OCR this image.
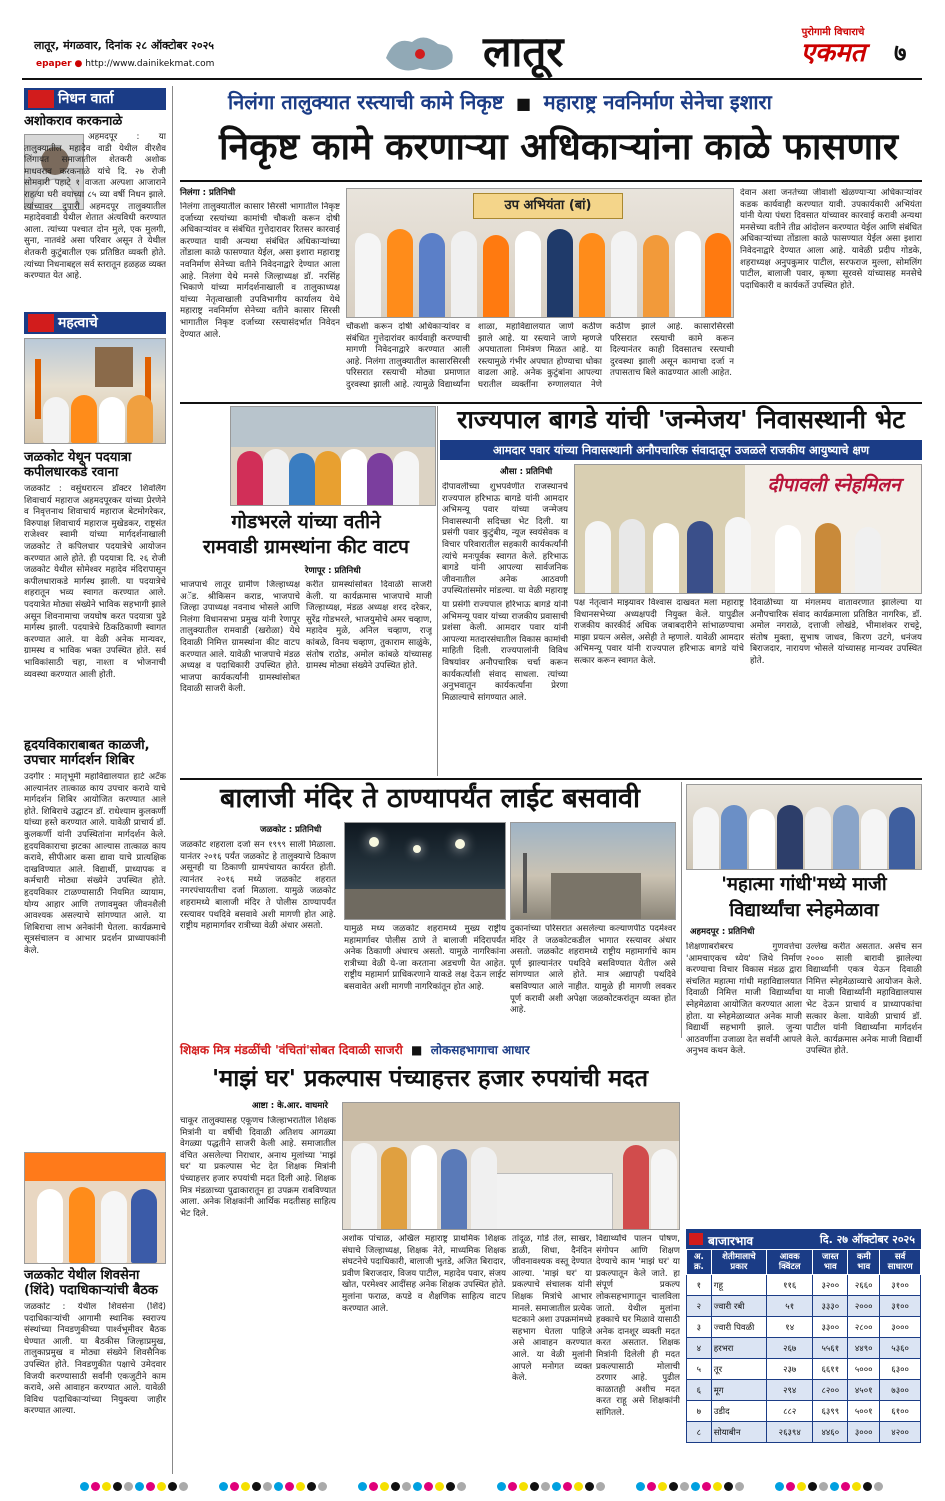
लातूर, मंगळवार, दिनांक २८ ऑक्टोबर २०२५
epaper ● http://www.dainikekmat.com	लातूर	पुरोगामी विचाराचे
एकमत	७
निधन वार्ता
अशोकराव करकनाळे
अहमदपूर : या तालुक्यातील महादेव वाडी येथील वीरशैव लिंगायत समाजातील शेतकरी अशोक माधवराव करकनाळे यांचे दि. २७ रोजी सोमवारी पहाटे १ वाजता अल्पशा आजाराने राहत्या घरी वयाच्या ८५ व्या वर्षी निधन झाले. त्यांच्यावर दुपारी अहमदपूर तालुक्यातील महादेववाडी येथील शेतात अंत्यविधी करण्यात आला. त्यांच्या पश्चात दोन मुले, एक मुलगी, सुना, नातवंडे असा परिवार असून ते येथील शेतकरी कुटुंबातील एक प्रतिष्ठित व्यक्ती होते. त्यांच्या निधनाबद्दल सर्व स्तरातून हळहळ व्यक्त करण्यात येत आहे.
महत्वाचे
जळकोट येथून पदयात्रा कपीलधारकडे रवाना
जळकोट : वसुंधरारत्न डॉक्टर शिवलिंग शिवाचार्य महाराज अहमदपूरकर यांच्या प्रेरणेने व निवृत्तनाथ शिवाचार्य महाराज बेटमोगरेकर, विरुपाक्ष शिवाचार्य महाराज मुखेडकर, राष्ट्रसंत राजेश्वर स्वामी यांच्या मार्गदर्शनाखाली जळकोट ते कपिलधार पदयात्रेचे आयोजन करण्यात आले होते. ही पदयात्रा दि. २६ रोजी जळकोट येथील सोमेश्वर महादेव मंदिरापासून कपीलधाराकडे मार्गस्थ झाली. या पदयात्रेचे शहरातून भव्य स्वागत करण्यात आले. पदयात्रेत मोठ्या संख्येने भाविक सहभागी झाले असून शिवनामाचा जयघोष करत पदयात्रा पुढे मार्गस्थ झाली. पदयात्रेचे ठिकठिकाणी स्वागत करण्यात आले. या वेळी अनेक मान्यवर, ग्रामस्थ व भाविक भक्त उपस्थित होते. सर्व भाविकांसाठी चहा, नाश्ता व भोजनाची व्यवस्था करण्यात आली होती.
हृदयविकाराबाबत काळजी, उपचार मार्गदर्शन शिबिर
उदगीर : मातृभूमी महाविद्यालयात हार्ट अटॅक आल्यानंतर तात्काळ काय उपचार करावे याचे मार्गदर्शन शिबिर आयोजित करण्यात आले होते. शिबिराचे उद्घाटन डॉ. राधेश्याम कुलकर्णी यांच्या हस्ते करण्यात आले. यावेळी प्राचार्य डॉ. कुलकर्णी यांनी उपस्थितांना मार्गदर्शन केले. हृदयविकाराचा झटका आल्यास तात्काळ काय करावे, सीपीआर कसा द्यावा याचे प्रात्यक्षिक दाखविण्यात आले. विद्यार्थी, प्राध्यापक व कर्मचारी मोठ्या संख्येने उपस्थित होते. हृदयविकार टाळण्यासाठी नियमित व्यायाम, योग्य आहार आणि तणावमुक्त जीवनशैली आवश्यक असल्याचे सांगण्यात आले. या शिबिराचा लाभ अनेकांनी घेतला. कार्यक्रमाचे सूत्रसंचालन व आभार प्रदर्शन प्राध्यापकांनी केले.
जळकोट येथील शिवसेना (शिंदे) पदाधिकाऱ्यांची बैठक
जळकोट : येथील शिवसेना (शिंदे) पदाधिकाऱ्यांची आगामी स्थानिक स्वराज्य संस्थांच्या निवडणुकीच्या पार्श्वभूमीवर बैठक घेण्यात आली. या बैठकीस जिल्हाप्रमुख, तालुकाप्रमुख व मोठ्या संख्येने शिवसैनिक उपस्थित होते. निवडणुकीत पक्षाचे उमेदवार विजयी करण्यासाठी सर्वांनी एकजुटीने काम करावे, असे आवाहन करण्यात आले. यावेळी विविध पदाधिकाऱ्यांच्या नियुक्त्या जाहीर करण्यात आल्या.
निलंगा तालुक्यात रस्त्याची कामे निकृष्ट  ■  महाराष्ट्र नवनिर्माण सेनेचा इशारा
निकृष्ट कामे करणाऱ्या अधिकाऱ्यांना काळे फासणार
निलंगा : प्रतिनिधी
निलंगा तालुक्यातील कासार सिरसी भागातील निकृष्ट दर्जाच्या रस्त्यांच्या कामांची चौकशी करून दोषी अधिकाऱ्यांवर व संबंधित गुत्तेदारावर रितसर कारवाई करण्यात यावी अन्यथा संबंधित अधिकाऱ्यांच्या तोंडाला काळे फासण्यात येईल, असा इशारा महाराष्ट्र नवनिर्माण सेनेच्या वतीने निवेदनाद्वारे देण्यात आला आहे. निलंगा येथे मनसे जिल्हाध्यक्ष डॉ. नरसिंह भिकाणे यांच्या मार्गदर्शनाखाली व तालुकाध्यक्ष यांच्या नेतृत्वाखाली उपविभागीय कार्यालय येथे महाराष्ट्र नवनिर्माण सेनेच्या वतीने कासार सिरसी भागातील निकृष्ट दर्जाच्या रस्त्यासंदर्भात निवेदन देण्यात आले.
उप अभियंता (बां)
चौकशी करून दोषी अधिकाऱ्यांवर व संबंधित गुत्तेदारांवर कार्यवाही करण्याची मागणी निवेदनाद्वारे करण्यात आली आहे. निलंगा तालुक्यातील कासारसिरसी परिसरात रस्त्याची मोठ्या प्रमाणात दुरवस्था झाली आहे. त्यामुळे विद्यार्थ्यांना शाळा, महाविद्यालयात जाणे कठीण झाले आहे. या रस्त्याने जाणे म्हणजे अपघाताला निमंत्रण मिळत आहे. या रस्त्यामुळे गंभीर अपघात होण्याचा धोका वाढला आहे. अनेक कुटुंबांना आपल्या घरातील व्यक्तींना रुग्णालयात नेणे कठीण झाले आहे. कासारसिरसी परिसरात रस्त्याची कामे करून दिल्यानंतर काही दिवसातच रस्त्याची दुरवस्था झाली असून कामाचा दर्जा न तपासताच बिले काढण्यात आली आहेत.
देवान अशा जनतेच्या जीवाशी खेळण्याऱ्या अधिकाऱ्यांवर कडक कार्यवाही करण्यात यावी. उपकार्यकारी अभियंता यांनी येत्या पंधरा दिवसात यांच्यावर कारवाई करावी अन्यथा मनसेच्या वतीने तीव्र आंदोलन करण्यात येईल आणि संबंधित अधिकाऱ्यांच्या तोंडाला काळे फासण्यात येईल असा इशारा निवेदनाद्वारे देण्यात आला आहे. यावेळी प्रदीप गोडके, शहराध्यक्ष अनुपकुमार पाटील, सरफराज मुल्ला, सोमलिंग पाटील, बालाजी पवार, कृष्णा सूरवसे यांच्यासह मनसेचे पदाधिकारी व कार्यकर्ते उपस्थित होते.
गोडभरले यांच्या वतीने
रामवाडी ग्रामस्थांना कीट वाटप
रेणापूर : प्रतिनिधी
भाजपाचे लातूर ग्रामीण जिल्हाध्यक्ष अॅड. श्रीकिसन कराड, भाजपाचे जिल्हा उपाध्यक्ष नवनाथ भोसले आणि निलंगा विधानसभा प्रमुख यांनी रेणापूर तालुक्यातील रामवाडी (खरोळा) येथे दिवाळी निमित्त ग्रामस्थांना कीट वाटप करण्यात आले. यावेळी भाजपाचे मंडळ अध्यक्ष व पदाधिकारी उपस्थित होते. भाजपा कार्यकर्त्यांनी ग्रामस्थांसोबत दिवाळी साजरी केली.
करीत ग्रामस्थांसोबत दिवाळी साजरी केली. या कार्यक्रमास भाजपाचे माजी जिल्हाध्यक्ष, मंडळ अध्यक्ष शरद दरेकर, सुरेंद्र गोडभरले, भाजयुमोचे अमर चव्हाण, महादेव मुळे, अनिल चव्हाण, राजू कांबळे, विनय चव्हाण, तुकाराम साळुंके, संतोष राठोड, अमोल कांबळे यांच्यासह ग्रामस्थ मोठ्या संख्येने उपस्थित होते.
राज्यपाल बागडे यांची 'जन्मेजय' निवासस्थानी भेट
आमदार पवार यांच्या निवासस्थानी अनौपचारिक संवादातून उजळले राजकीय आयुष्याचे क्षण
औसा : प्रतिनिधी
दीपावलीच्या शुभपर्वणीत राजस्थानचे राज्यपाल हरिभाऊ बागडे यांनी आमदार अभिमन्यू पवार यांच्या जन्मेजय निवासस्थानी सदिच्छा भेट दिली. या प्रसंगी पवार कुटुंबीय, न्यूज स्वयंसेवक व विचार परिवारातील सहकारी कार्यकर्त्यांनी त्यांचे मनःपूर्वक स्वागत केले. हरिभाऊ बागडे यांनी आपल्या सार्वजनिक जीवनातील अनेक आठवणी उपस्थितांसमोर मांडल्या. या वेळी महाराष्ट्र
या प्रसंगी राज्यपाल हरिभाऊ बागडे यांनी अभिमन्यू पवार यांच्या राजकीय प्रवासाची प्रशंसा केली. आमदार पवार यांनी आपल्या मतदारसंघातील विकास कामांची माहिती दिली. राज्यपालांनी विविध विषयांवर अनौपचारिक चर्चा करून कार्यकर्त्यांशी संवाद साधला. त्यांच्या अनुभवातून कार्यकर्त्यांना प्रेरणा मिळाल्याचे सांगण्यात आले.
दीपावली स्नेहमिलन
पक्ष नेतृत्वाने माझ्यावर विश्वास दाखवत मला महाराष्ट्र विधानसभेच्या अध्यक्षपदी नियुक्त केले. यापुढील राजकीय कारकीर्द अधिक जबाबदारीने सांभाळण्याचा माझा प्रयत्न असेल, असेही ते म्हणाले. यावेळी आमदार अभिमन्यू पवार यांनी राज्यपाल हरिभाऊ बागडे यांचे सत्कार करून स्वागत केले.
दिवाळीच्या या मंगलमय वातावरणात झालेल्या या अनौपचारिक संवाद कार्यक्रमाला प्रतिष्ठित नागरिक, डॉ. अमोल नगराळे, दत्ताजी लोखंडे, भीमाशंकर राचट्टे, संतोष मुक्ता, सुभाष जाधव, किरण उटगे, धनंजय बिराजदार, नारायण भोसले यांच्यासह मान्यवर उपस्थित होते.
बालाजी मंदिर ते ठाण्यापर्यंत लाईट बसवावी
जळकोट : प्रतिनिधी
जळकोट शहराला दर्जा सन १९९९ साली मिळाला. यानंतर २०१६ पर्यंत जळकोट हे तालुक्याचे ठिकाण असूनही या ठिकाणी ग्रामपंचायत कार्यरत होती. त्यानंतर २०१६ मध्ये जळकोट शहरात नगरपंचायतीचा दर्जा मिळाला. यामुळे जळकोट शहरामध्ये बालाजी मंदिर ते पोलीस ठाण्यापर्यंत रस्त्यावर पथदिवे बसवावे अशी मागणी होत आहे. राष्ट्रीय महामार्गावर रात्रीच्या वेळी अंधार असतो.	यामुळे मध्य जळकोट शहरामध्ये मुख्य राष्ट्रीय महामार्गावर पोलीस ठाणे ते बालाजी मंदिरापर्यंत अनेक ठिकाणी अंधारच असतो. यामुळे नागरिकांना रात्रीच्या वेळी ये-जा करताना अडचणी येत आहेत. राष्ट्रीय महामार्ग प्राधिकरणाने याकडे लक्ष देऊन लाईट बसवावेत अशी मागणी नागरिकांतून होत आहे.
दुकानांच्या परिसरात असलेल्या कल्याणपीठ पदमेश्वर मंदिर ते जळकोटकडील भागात रस्त्यावर अंधार असतो. जळकोट शहरामध्ये राष्ट्रीय महामार्गाचे काम पूर्ण झाल्यानंतर पथदिवे बसविण्यात येतील असे सांगण्यात आले होते. मात्र अद्यापही पथदिवे बसविण्यात आले नाहीत. यामुळे ही मागणी लवकर पूर्ण करावी अशी अपेक्षा जळकोटकरांतून व्यक्त होत आहे.
'महात्मा गांधी'मध्ये माजी
विद्यार्थ्यांचा स्नेहमेळावा
अहमदपूर : प्रतिनिधी
शिक्षणाबरोबरच गुणवत्तेचा 'आमचाएकच ध्येय' जिथे निर्माण करण्याचा विचार विकास मंडळ द्वारा संचलित महात्मा गांधी महाविद्यालयात दिवाळी निमित्त माजी विद्यार्थ्यांचा स्नेहमेळावा आयोजित करण्यात आला होता. या स्नेहमेळाव्यात अनेक माजी विद्यार्थी सहभागी झाले. जुन्या आठवणींना उजाळा देत सर्वांनी आपले अनुभव कथन केले.
उल्लेख करीत असतात. असेच सन २००० साली बारावी झालेल्या विद्यार्थ्यांनी एकत्र येऊन दिवाळी निमित्त स्नेहमेळाव्याचे आयोजन केले. या माजी विद्यार्थ्यांनी महाविद्यालयास भेट देऊन प्राचार्य व प्राध्यापकांचा सत्कार केला. यावेळी प्राचार्य डॉ. पाटील यांनी विद्यार्थ्यांना मार्गदर्शन केले. कार्यक्रमास अनेक माजी विद्यार्थी उपस्थित होते.
शिक्षक मित्र मंडळींची 'वंचितां'सोबत दिवाळी साजरी  ■  लोकसहभागाचा आधार
'माझं घर' प्रकल्पास पंच्याहत्तर हजार रुपयांची मदत
आष्टा : के.आर. वाघमारे
चाकूर तालुक्यासह एकूणच जिल्हाभरातील शिक्षक मित्रांनी या वर्षीची दिवाळी अतिशय आगळ्या वेगळ्या पद्धतीने साजरी केली आहे. समाजातील वंचित असलेल्या निराधार, अनाथ मुलांच्या 'माझं घर' या प्रकल्पास भेट देत शिक्षक मित्रांनी पंच्याहत्तर हजार रुपयांची मदत दिली आहे. शिक्षक मित्र मंडळाच्या पुढाकारातून हा उपक्रम राबविण्यात आला. अनेक शिक्षकांनी आर्थिक मदतीसह साहित्य भेट दिले.
अशोक पांचाळ, अखिल महाराष्ट्र प्राथमिक शिक्षक संघाचे जिल्हाध्यक्ष, शिक्षक नेते, माध्यमिक शिक्षक संघटनेचे पदाधिकारी, बालाजी भुतडे, अजित बिरादार, प्रवीण बिराजदार, विजय पाटील, महादेव पवार, संजय खोत, परमेश्वर आदींसह अनेक शिक्षक उपस्थित होते. मुलांना फराळ, कपडे व शैक्षणिक साहित्य वाटप करण्यात आले.
तांदूळ, गोडे तेल, साखर, डाळी, शिधा, दैनंदिन जीवनावश्यक वस्तू देण्यात आल्या. 'माझं घर' या प्रकल्पाचे संचालक यांनी शिक्षक मित्रांचे आभार मानले. समाजातील प्रत्येक घटकाने अशा उपक्रमांमध्ये सहभाग घेतला पाहिजे असे आवाहन करण्यात आले. या वेळी मुलांनी आपले मनोगत व्यक्त केले.
विद्यार्थ्यांचे पालन पोषण, संगोपन आणि शिक्षण देण्याचे काम 'माझं घर' या प्रकल्पातून केले जाते. हा संपूर्ण प्रकल्प लोकसहभागातून चालविला जातो. येथील मुलांना हक्काचे घर मिळावे यासाठी अनेक दानशूर व्यक्ती मदत करत असतात. शिक्षक मित्रांनी दिलेली ही मदत प्रकल्पासाठी मोलाची ठरणार आहे. पुढील काळातही अशीच मदत करत राहू असे शिक्षकांनी सांगितले.
बाजारभाव	दि. २७ ऑक्टोबर २०२५
अ. क्र.	शेतीमालाचे प्रकार	आवक क्विंटल	जास्त भाव	कमी भाव	सर्व साधारण
१	गहू	११६	३२००	२६६०	३१००
२	ज्वारी रबी	५१	३३३०	२०००	३१००
३	ज्वारी पिवळी	१४	३३००	२८००	३०००
४	हरभरा	२६७	५५६१	४४९०	५३६०
५	तूर	२३७	६६११	५०००	६३००
६	मूग	२९४	८२००	४५०१	७३००
७	उडीद	८८२	६३९९	५००१	६१००
८	सोयाबीन	२६३९४	४४६०	३०००	४२००
